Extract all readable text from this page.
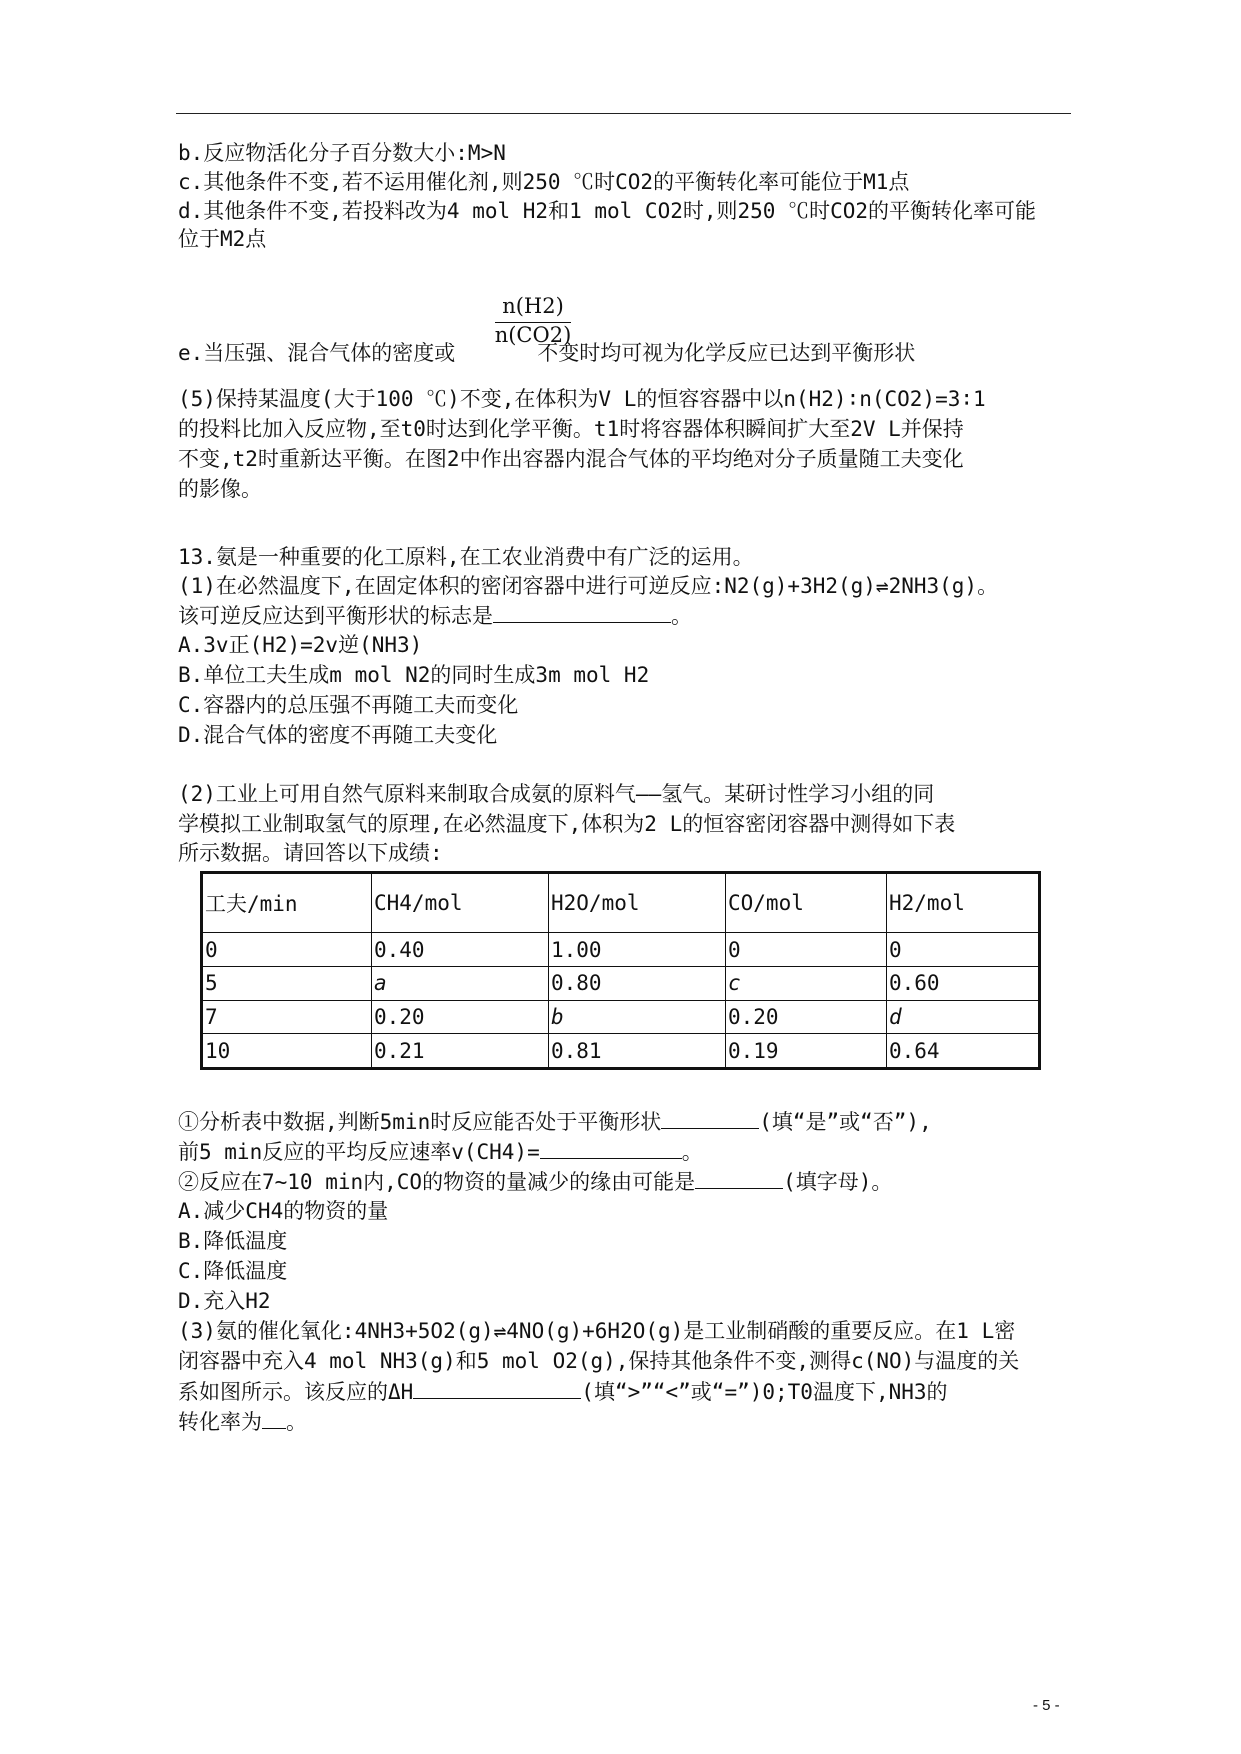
b.反应物活化分子百分数大小:M>N
c.其他条件不变,若不运用催化剂,则250 ℃时CO2的平衡转化率可能位于M1点
d.其他条件不变,若投料改为4 mol H2和1 mol CO2时,则250 ℃时CO2的平衡转化率可能
位于M2点
n(H2)
n(CO2)
e.当压强、混合气体的密度或	不变时均可视为化学反应已达到平衡形状
(5)保持某温度(大于100 ℃)不变,在体积为V L的恒容容器中以n(H2)∶n(CO2)=3∶1
的投料比加入反应物,至t0时达到化学平衡。t1时将容器体积瞬间扩大至2V L并保持
不变,t2时重新达平衡。在图2中作出容器内混合气体的平均绝对分子质量随工夫变化
的影像。
13.氨是一种重要的化工原料,在工农业消费中有广泛的运用。
(1)在必然温度下,在固定体积的密闭容器中进行可逆反应:N2(g)+3H2(g)⇌2NH3(g)。
该可逆反应达到平衡形状的标志是	。
A.3v正(H2)=2v逆(NH3)
B.单位工夫生成m mol N2的同时生成3m mol H2
C.容器内的总压强不再随工夫而变化
D.混合气体的密度不再随工夫变化
(2)工业上可用自然气原料来制取合成氨的原料气——氢气。某研讨性学习小组的同
学模拟工业制取氢气的原理,在必然温度下,体积为2 L的恒容密闭容器中测得如下表
所示数据。请回答以下成绩:
工夫/min	CH4/mol	H2O/mol	CO/mol	H2/mol
0	0.40	1.00	0	0
5	a	0.80	c	0.60
7	0.20	b	0.20	d
10	0.21	0.81	0.19	0.64
①分析表中数据,判断5min时反应能否处于平衡形状	(填“是”或“否”),
前5 min反应的平均反应速率v(CH4)=	。
②反应在7~10 min内,CO的物资的量减少的缘由可能是	(填字母)。
A.减少CH4的物资的量
B.降低温度
C.降低温度
D.充入H2
(3)氨的催化氧化:4NH3+5O2(g)⇌4NO(g)+6H2O(g)是工业制硝酸的重要反应。在1 L密
闭容器中充入4 mol NH3(g)和5 mol O2(g),保持其他条件不变,测得c(NO)与温度的关
系如图所示。该反应的ΔH	(填“>”“<”或“=”)0;T0温度下,NH3的
转化率为 。
- 5 -
